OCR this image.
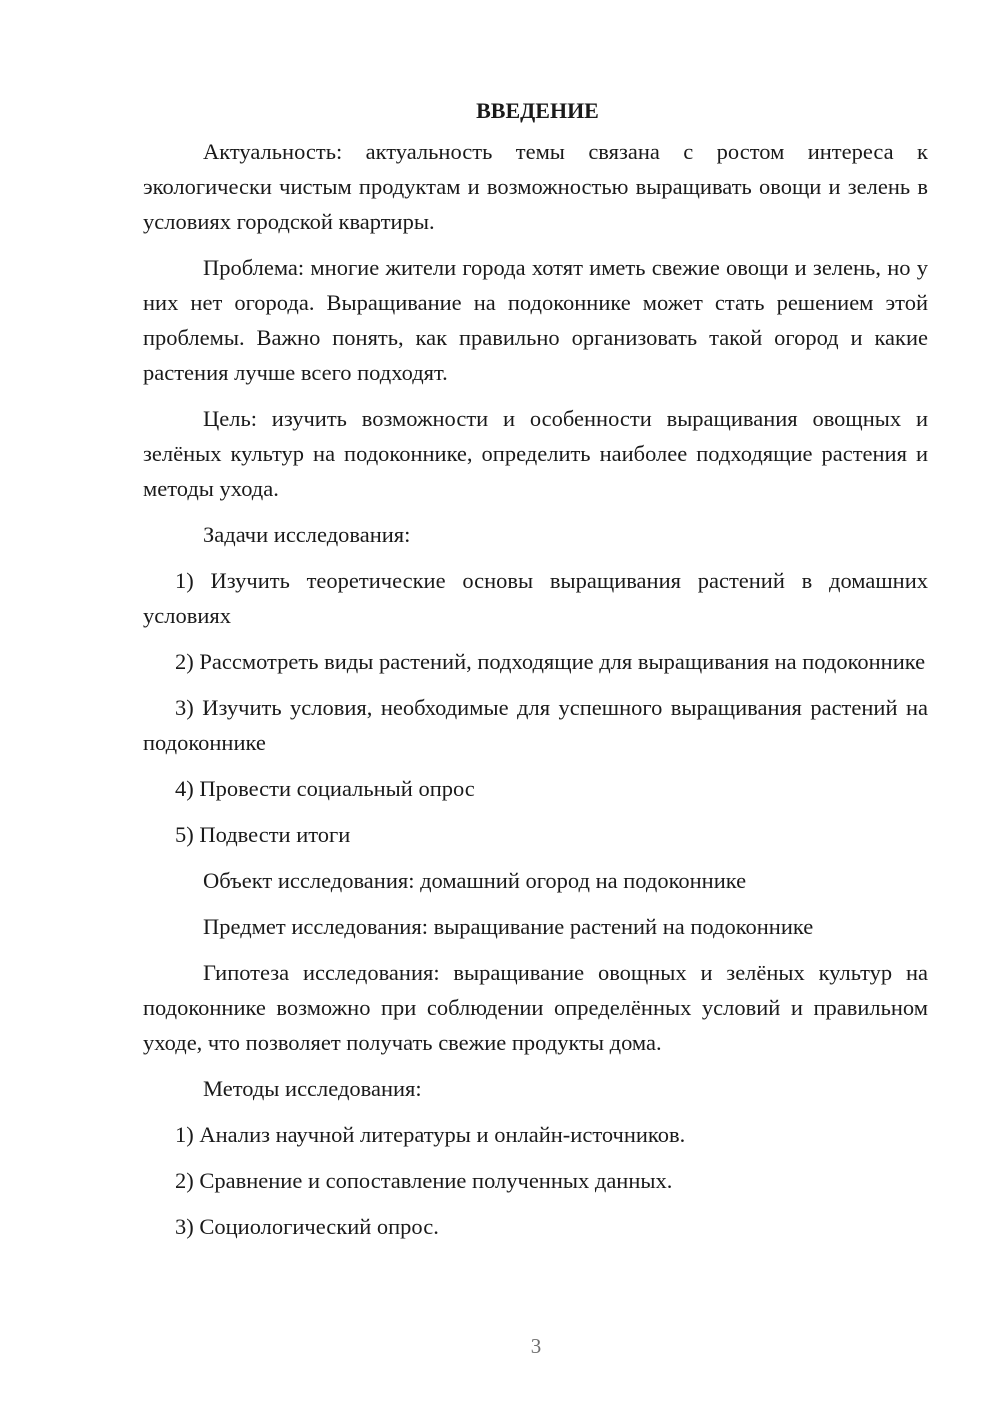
ВВЕДЕНИЕ

Актуальность: актуальность темы связана с ростом интереса к экологически чистым продуктам и возможностью выращивать овощи и зелень в условиях городской квартиры.

Проблема: многие жители города хотят иметь свежие овощи и зелень, но у них нет огорода. Выращивание на подоконнике может стать решением этой проблемы. Важно понять, как правильно организовать такой огород и какие растения лучше всего подходят.

Цель: изучить возможности и особенности выращивания овощных и зелёных культур на подоконнике, определить наиболее подходящие растения и методы ухода.

Задачи исследования:

1) Изучить теоретические основы выращивания растений в домашних условиях

2) Рассмотреть виды растений, подходящие для выращивания на подоконнике

3) Изучить условия, необходимые для успешного выращивания растений на подоконнике

4) Провести социальный опрос

5) Подвести итоги

Объект исследования: домашний огород на подоконнике

Предмет исследования: выращивание растений на подоконнике

Гипотеза исследования: выращивание овощных и зелёных культур на подоконнике возможно при соблюдении определённых условий и правильном уходе, что позволяет получать свежие продукты дома.

Методы исследования:

1) Анализ научной литературы и онлайн-источников.

2) Сравнение и сопоставление полученных данных.

3) Социологический опрос.

3
